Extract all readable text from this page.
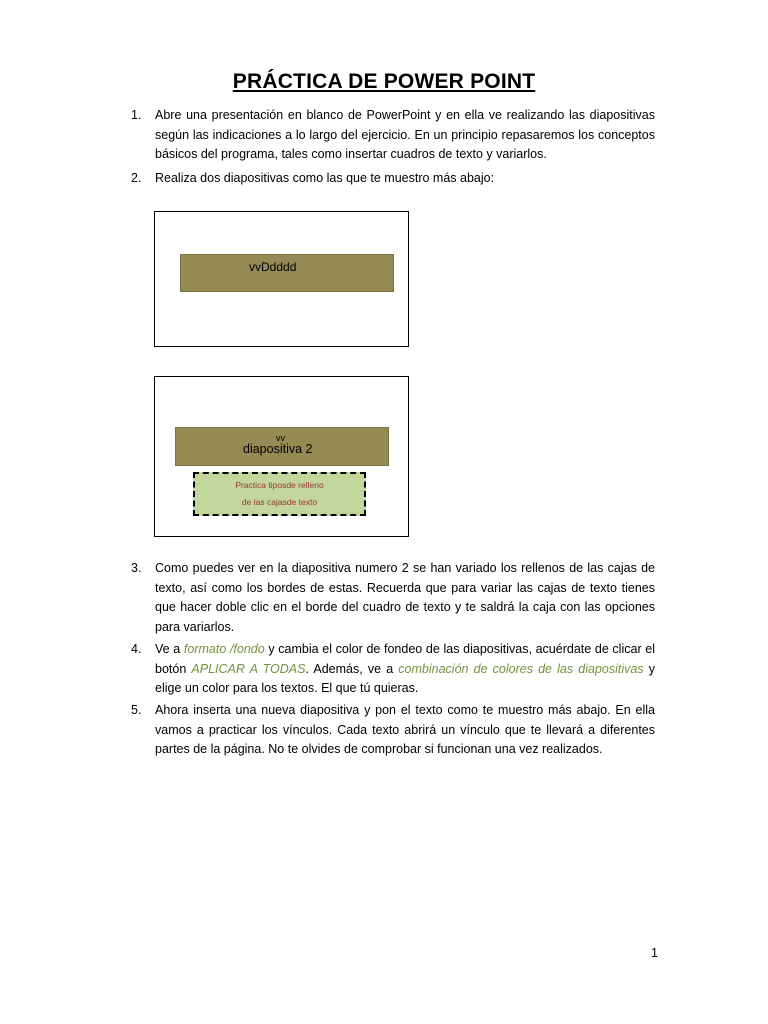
PRÁCTICA DE POWER POINT
1. Abre una presentación en blanco de PowerPoint y en ella ve realizando las diapositivas según las indicaciones a lo largo del ejercicio. En un principio repasaremos los conceptos básicos del programa, tales como insertar cuadros de texto y variarlos.
2. Realiza dos diapositivas como las que te muestro más abajo:
3. Como puedes ver en la diapositiva numero 2 se han variado los rellenos de las cajas de texto, así como los bordes de estas. Recuerda que para variar las cajas de texto tienes que hacer doble clic en el borde del cuadro de texto y te saldrá la caja con las opciones para variarlos.
4. Ve a formato /fondo y cambia el color de fondeo de las diapositivas, acuérdate de clicar el botón APLICAR A TODAS. Además, ve a combinación de colores de las diapositivas y elige un color para los textos. El que tú quieras.
5. Ahora inserta una nueva diapositiva y pon el texto como te muestro más abajo. En ella vamos a practicar los vínculos. Cada texto abrirá un vínculo que te llevará a diferentes partes de la página. No te olvides de comprobar si funcionan una vez realizados.
vvDdddd
vv
diapositiva 2
Practica tiposde relleno
de las cajasde texto
1
